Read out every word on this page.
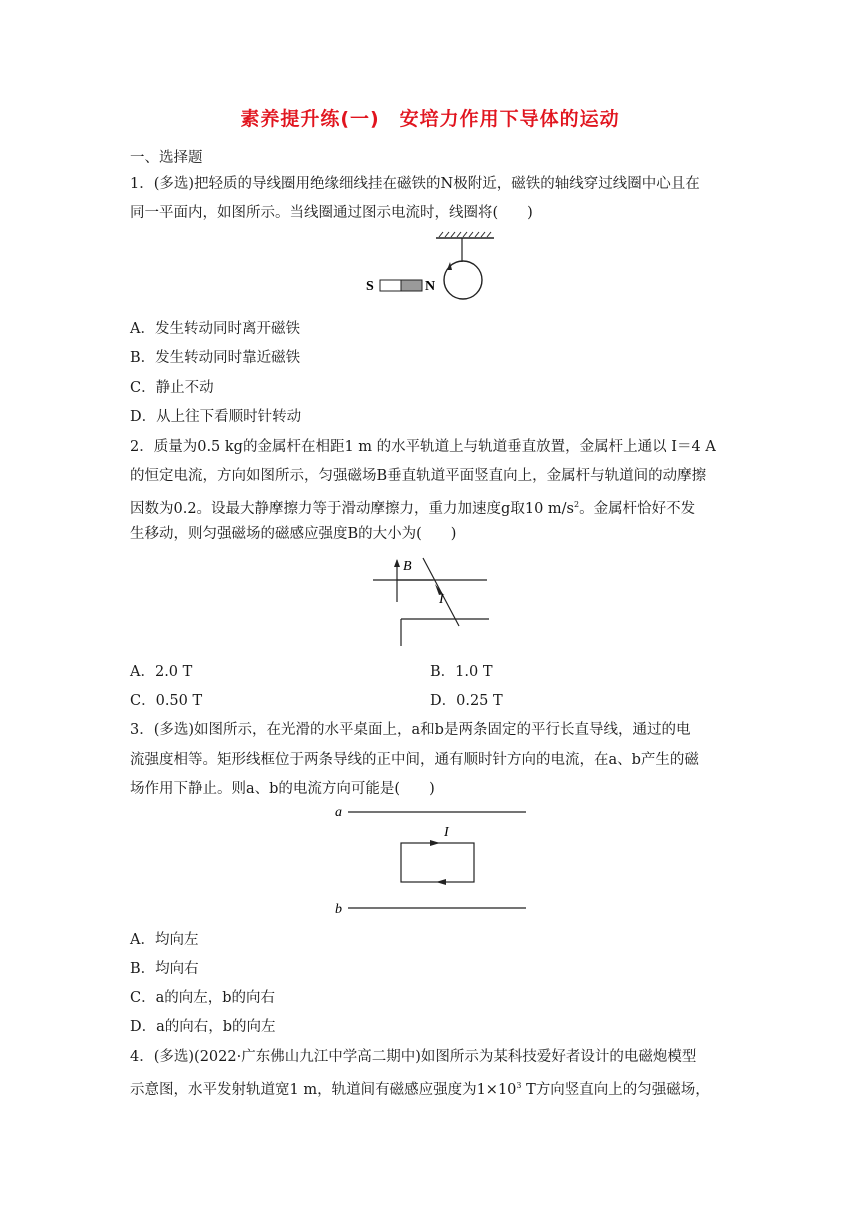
素养提升练(一)　安培力作用下导体的运动
一、选择题
1．(多选)把轻质的导线圈用绝缘细线挂在磁铁的N极附近，磁铁的轴线穿过线圈中心且在
同一平面内，如图所示。当线圈通过图示电流时，线圈将(　　)
S	N
A．发生转动同时离开磁铁
B．发生转动同时靠近磁铁
C．静止不动
D．从上往下看顺时针转动
2．质量为0.5 kg的金属杆在相距1 m 的水平轨道上与轨道垂直放置，金属杆上通以 I＝4 A
的恒定电流，方向如图所示，匀强磁场B垂直轨道平面竖直向上，金属杆与轨道间的动摩擦
因数为0.2。设最大静摩擦力等于滑动摩擦力，重力加速度g取10 $m/s^2$。金属杆恰好不发
生移动，则匀强磁场的磁感应强度B的大小为(　　)
B
I
A．2.0 T	B．1.0 T
C．0.50 T	D．0.25 T
3．(多选)如图所示，在光滑的水平桌面上，a和b是两条固定的平行长直导线，通过的电
流强度相等。矩形线框位于两条导线的正中间，通有顺时针方向的电流，在a、b产生的磁
场作用下静止。则a、b的电流方向可能是(　　)
a
b
I
A．均向左
B．均向右
C．a的向左，b的向右
D．a的向右，b的向左
4．(多选)(2022·广东佛山九江中学高二期中)如图所示为某科技爱好者设计的电磁炮模型
示意图，水平发射轨道宽1 m，轨道间有磁感应强度为$1\times 10^3$ T方向竖直向上的匀强磁场，
